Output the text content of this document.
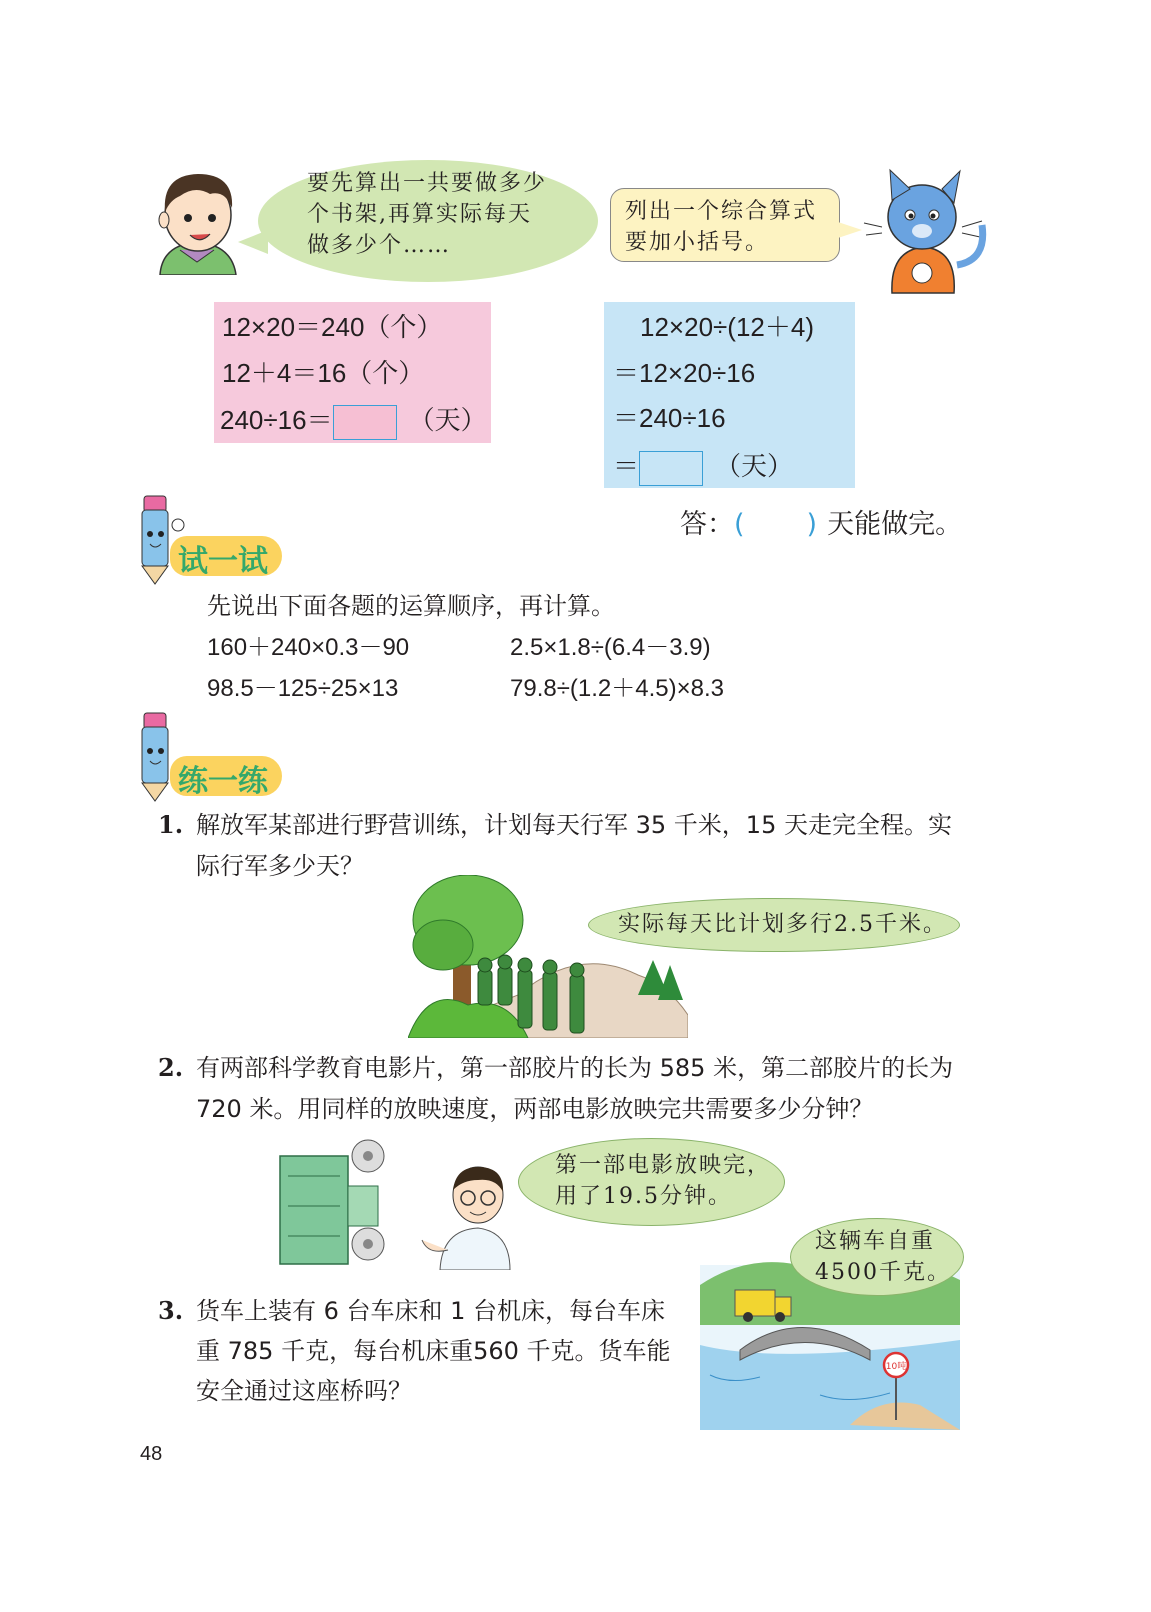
要先算出一共要做多少
个书架,再算实际每天
做多少个……
列出一个综合算式
要加小括号。
12×20＝240（个）
12＋4＝16（个）
240÷16＝	（天）
12×20÷(12＋4)
＝12×20÷16
＝240÷16
＝	（天）
答：( ) 天能做完。
试一试
先说出下面各题的运算顺序，再计算。
160＋240×0.3－90	2.5×1.8÷(6.4－3.9)
98.5－125÷25×13	79.8÷(1.2＋4.5)×8.3
练一练
1. 解放军某部进行野营训练，计划每天行军 35 千米，15 天走完全程。实
际行军多少天？
实际每天比计划多行2.5千米。
2. 有两部科学教育电影片，第一部胶片的长为 585 米，第二部胶片的长为
720 米。用同样的放映速度，两部电影放映完共需要多少分钟？
第一部电影放映完，
用了19.5分钟。
3. 货车上装有 6 台车床和 1 台机床，每台车床
重 785 千克，每台机床重560 千克。货车能
安全通过这座桥吗？
10吨
这辆车自重
4500千克。
48
